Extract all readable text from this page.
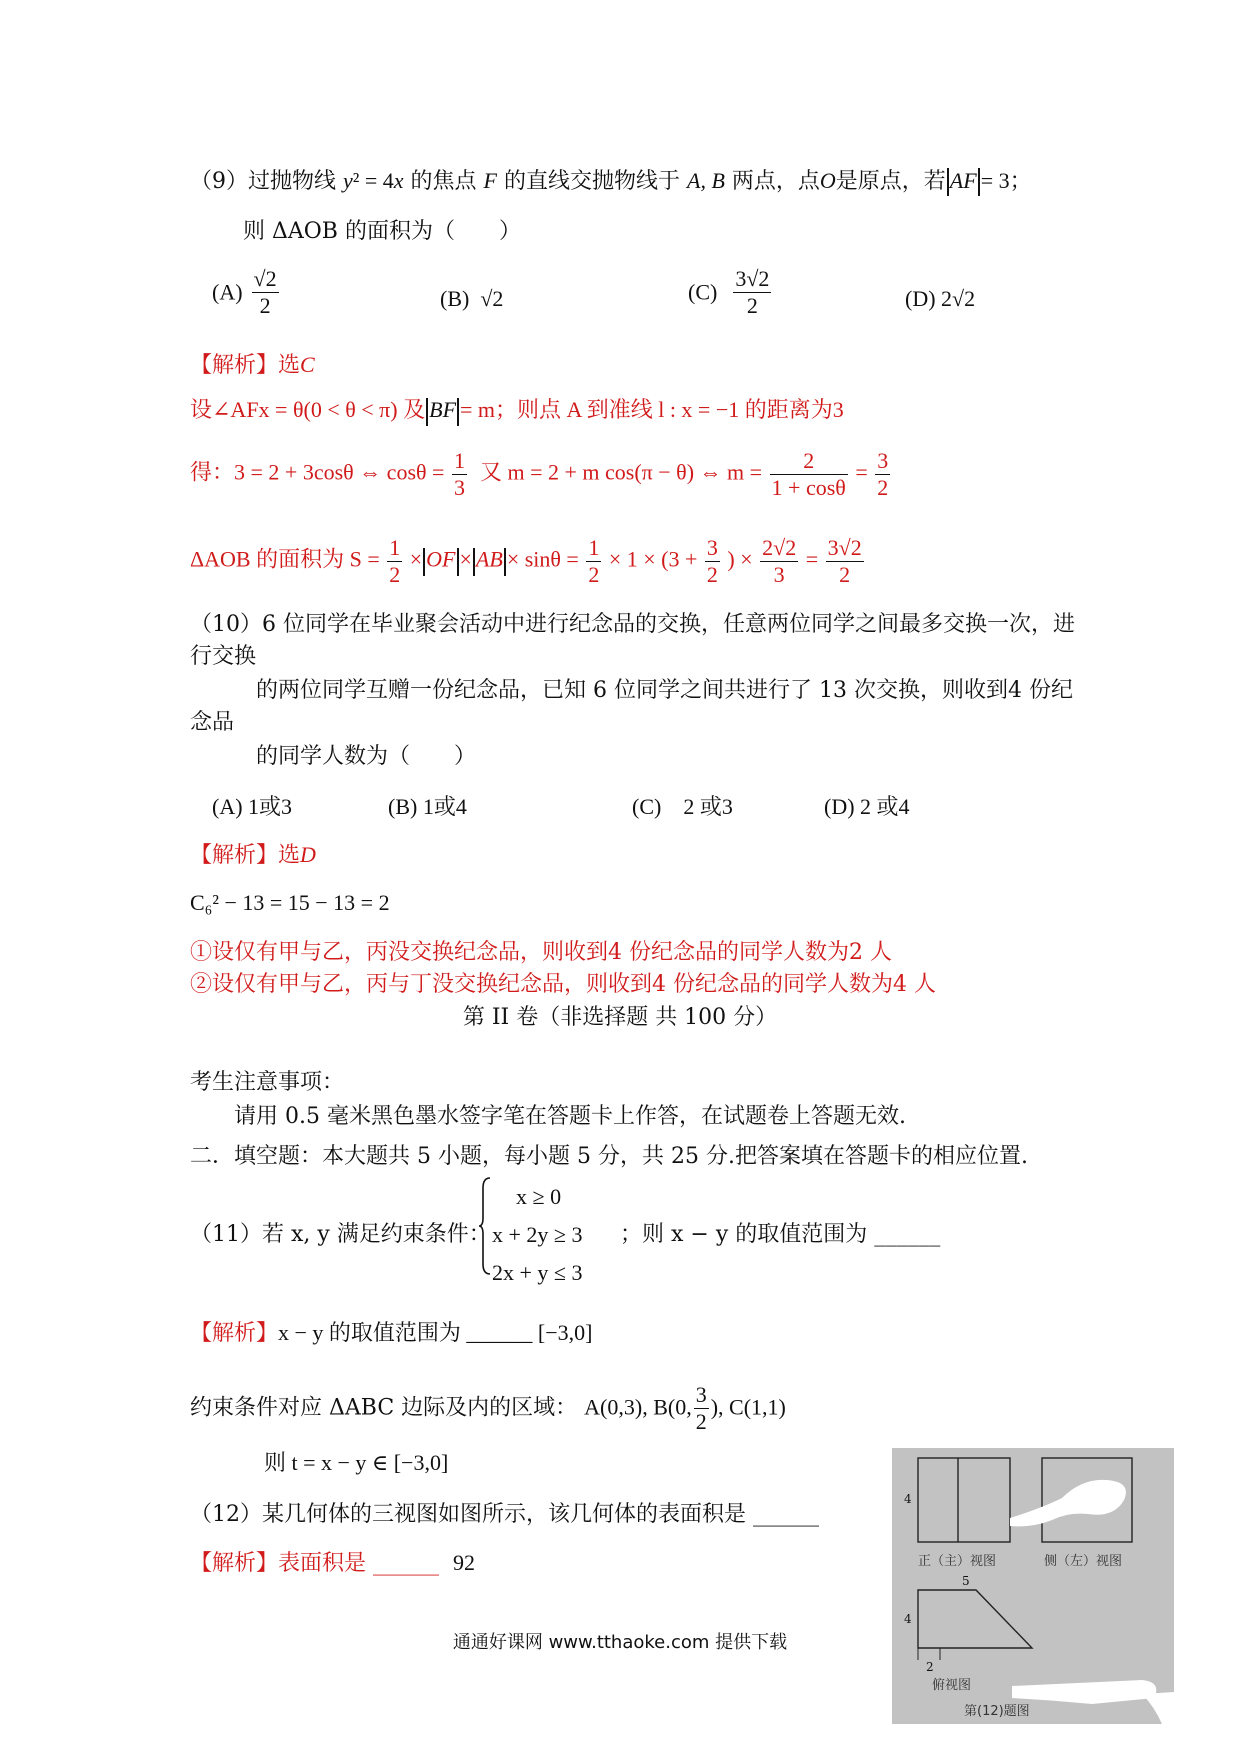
（9）过抛物线 y² = 4x 的焦点 F 的直线交抛物线于 A, B 两点，点O是原点，若 AF = 3；
则 ΔAOB 的面积为（　　）
$(A) \frac{√2}{2}$	(B) √2	$(C) \frac{3√2}{2}$	(D) 2√2
【解析】选C
设∠AFx = θ(0 < θ < π) 及 BF = m；则点 A 到准线 l : x = −1 的距离为3
得：3 = 2 + 3cosθ ⇔ $\cos\theta = \frac{1}{3}$ 又 m = 2 + m cos(π − θ) ⇔ $m = \frac{2}{1 + \cos\theta} = \frac{3}{2}$
ΔAOB 的面积为 $S = \frac{1}{2}$ × OF × AB × $\sin\theta = \frac{1}{2} \times 1 \times (3 + \frac{3}{2}$ ) × $\frac{2√2}{3} = \frac{3√2}{2}$
（10）6 位同学在毕业聚会活动中进行纪念品的交换，任意两位同学之间最多交换一次，进
行交换
的两位同学互赠一份纪念品，已知 6 位同学之间共进行了 13 次交换，则收到4 份纪
念品
的同学人数为（　　）
(A) 1或3	(B) 1或4	(C)　2 或3	(D) 2 或4
【解析】选D
C₆² − 13 = 15 − 13 = 2
①设仅有甲与乙，丙没交换纪念品，则收到4 份纪念品的同学人数为2 人
②设仅有甲与乙，丙与丁没交换纪念品，则收到4 份纪念品的同学人数为4 人
第 II 卷（非选择题 共 100 分）
考生注意事项：
请用 0.5 毫米黑色墨水签字笔在答题卡上作答，在试题卷上答题无效.
二．填空题：本大题共 5 小题，每小题 5 分，共 25 分.把答案填在答题卡的相应位置.
（11）若 x, y 满足约束条件：
x ≥ 0
x + 2y ≥ 3
2x + y ≤ 3
；则 x − y 的取值范围为 ______
【解析】x − y 的取值范围为 ______ [−3,0]
约束条件对应 ΔABC 边际及内的区域： A(0,3), B(0, $\frac{3}{2}$ ), C(1,1)
则 t = x − y ∈ [−3,0]
（12）某几何体的三视图如图所示，该几何体的表面积是 ______
【解析】表面积是 ______ 92
4
正（主）视图	侧（左）视图
5
4
2
俯视图
第(12)题图
通通好课网 www.tthaoke.com 提供下载
